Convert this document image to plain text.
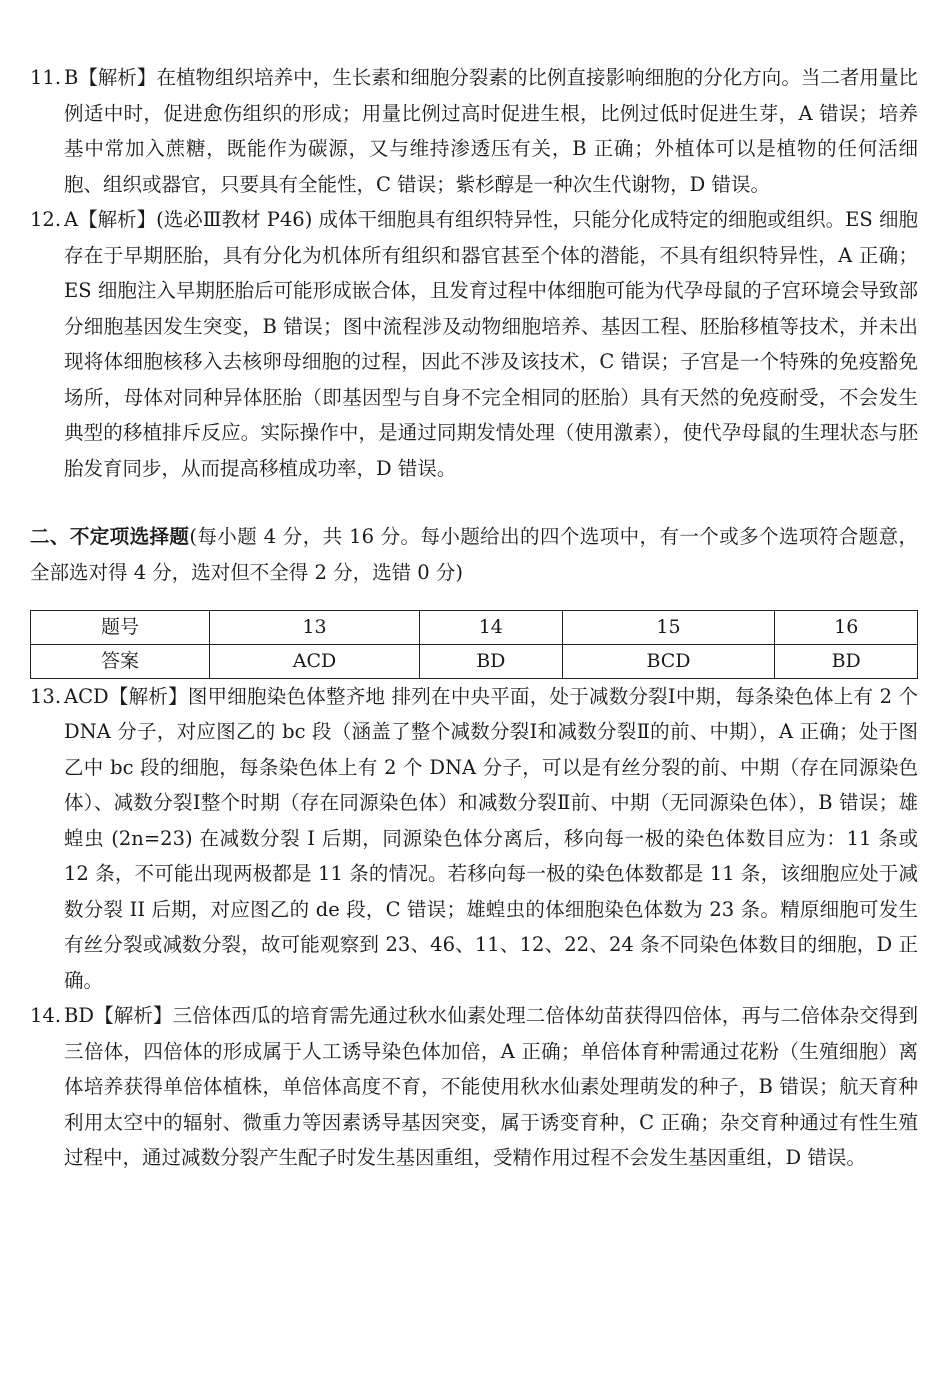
11. B【解析】在植物组织培养中，生长素和细胞分裂素的比例直接影响细胞的分化方向。当二者用量比例适中时，促进愈伤组织的形成；用量比例过高时促进生根，比例过低时促进生芽，A 错误；培养基中常加入蔗糖，既能作为碳源，又与维持渗透压有关，B 正确；外植体可以是植物的任何活细胞、组织或器官，只要具有全能性，C 错误；紫杉醇是一种次生代谢物，D 错误。

12. A【解析】(选必Ⅲ教材 P46) 成体干细胞具有组织特异性，只能分化成特定的细胞或组织。ES 细胞存在于早期胚胎，具有分化为机体所有组织和器官甚至个体的潜能，不具有组织特异性，A 正确；ES 细胞注入早期胚胎后可能形成嵌合体，且发育过程中体细胞可能为代孕母鼠的子宫环境会导致部分细胞基因发生突变，B 错误；图中流程涉及动物细胞培养、基因工程、胚胎移植等技术，并未出现将体细胞核移入去核卵母细胞的过程，因此不涉及该技术，C 错误；子宫是一个特殊的免疫豁免场所，母体对同种异体胚胎（即基因型与自身不完全相同的胚胎）具有天然的免疫耐受，不会发生典型的移植排斥反应。实际操作中，是通过同期发情处理（使用激素），使代孕母鼠的生理状态与胚胎发育同步，从而提高移植成功率，D 错误。

二、不定项选择题(每小题 4 分，共 16 分。每小题给出的四个选项中，有一个或多个选项符合题意，全部选对得 4 分，选对但不全得 2 分，选错 0 分)

题号	13	14	15	16
答案	ACD	BD	BCD	BD

13. ACD【解析】图甲细胞染色体整齐地 排列在中央平面，处于减数分裂Ⅰ中期，每条染色体上有 2 个 DNA 分子，对应图乙的 bc 段（涵盖了整个减数分裂Ⅰ和减数分裂Ⅱ的前、中期），A 正确；处于图乙中 bc 段的细胞，每条染色体上有 2 个 DNA 分子，可以是有丝分裂的前、中期（存在同源染色体）、减数分裂Ⅰ整个时期（存在同源染色体）和减数分裂Ⅱ前、中期（无同源染色体），B 错误；雄蝗虫 (2n=23) 在减数分裂 I 后期，同源染色体分离后，移向每一极的染色体数目应为：11 条或 12 条，不可能出现两极都是 11 条的情况。若移向每一极的染色体数都是 11 条，该细胞应处于减数分裂 II 后期，对应图乙的 de 段，C 错误；雄蝗虫的体细胞染色体数为 23 条。精原细胞可发生有丝分裂或减数分裂，故可能观察到 23、46、11、12、22、24 条不同染色体数目的细胞，D 正确。

14. BD【解析】三倍体西瓜的培育需先通过秋水仙素处理二倍体幼苗获得四倍体，再与二倍体杂交得到三倍体，四倍体的形成属于人工诱导染色体加倍，A 正确；单倍体育种需通过花粉（生殖细胞）离体培养获得单倍体植株，单倍体高度不育，不能使用秋水仙素处理萌发的种子，B 错误；航天育种利用太空中的辐射、微重力等因素诱导基因突变，属于诱变育种，C 正确；杂交育种通过有性生殖过程中，通过减数分裂产生配子时发生基因重组，受精作用过程不会发生基因重组，D 错误。
